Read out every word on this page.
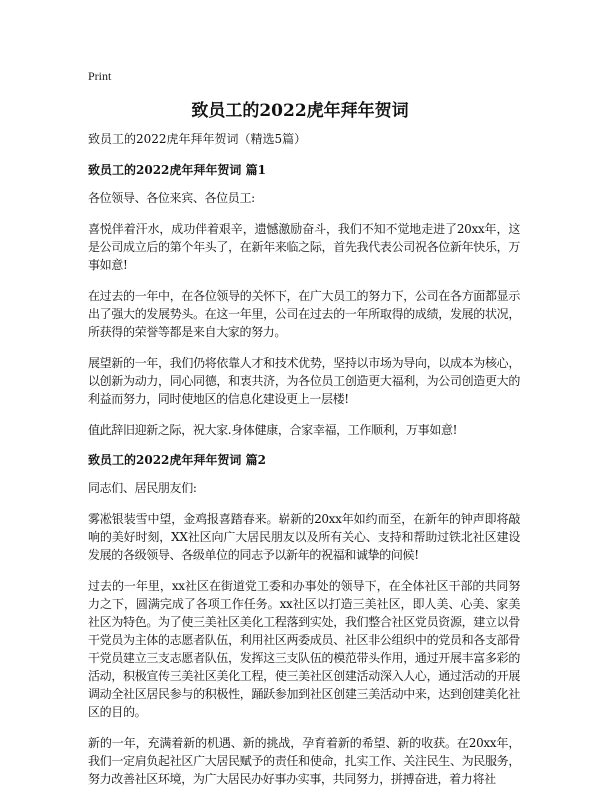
Print
致员工的2022虎年拜年贺词

致员工的2022虎年拜年贺词（精选5篇）

致员工的2022虎年拜年贺词 篇1

各位领导、各位来宾、各位员工:

喜悦伴着汗水，成功伴着艰辛，遗憾激励奋斗，我们不知不觉地走进了20xx年，这是公司成立后的第个年头了，在新年来临之际，首先我代表公司祝各位新年快乐，万事如意!

在过去的一年中，在各位领导的关怀下，在广大员工的努力下，公司在各方面都显示出了强大的发展势头。在这一年里，公司在过去的一年所取得的成绩，发展的状况，所获得的荣誉等都是来自大家的努力。

展望新的一年，我们仍将依靠人才和技术优势，坚持以市场为导向，以成本为核心，以创新为动力，同心同德，和衷共济，为各位员工创造更大福利，为公司创造更大的利益而努力，同时使地区的信息化建设更上一层楼!

值此辞旧迎新之际，祝大家.身体健康，合家幸福，工作顺利，万事如意!

致员工的2022虎年拜年贺词 篇2

同志们、居民朋友们:

雾凇银装雪中望，金鸡报喜踏春来。崭新的20xx年如约而至，在新年的钟声即将敲响的美好时刻，XX社区向广大居民朋友以及所有关心、支持和帮助过铁北社区建设发展的各级领导、各级单位的同志予以新年的祝福和诚挚的问候!

过去的一年里，xx社区在街道党工委和办事处的领导下，在全体社区干部的共同努力之下，圆满完成了各项工作任务。xx社区以打造三美社区，即人美、心美、家美社区为特色。为了使三美社区美化工程落到实处，我们整合社区党员资源，建立以骨干党员为主体的志愿者队伍，利用社区两委成员、社区非公组织中的党员和各支部骨干党员建立三支志愿者队伍，发挥这三支队伍的模范带头作用，通过开展丰富多彩的活动，积极宣传三美社区美化工程，使三美社区创建活动深入人心，通过活动的开展调动全社区居民参与的积极性，踊跃参加到社区创建三美活动中来，达到创建美化社区的目的。

新的一年，充满着新的机遇、新的挑战，孕育着新的希望、新的收获。在20xx年，我们一定肩负起社区广大居民赋予的责任和使命，扎实工作、关注民生、为民服务，努力改善社区环境，为广大居民办好事办实事，共同努力，拼搏奋进，着力将社
